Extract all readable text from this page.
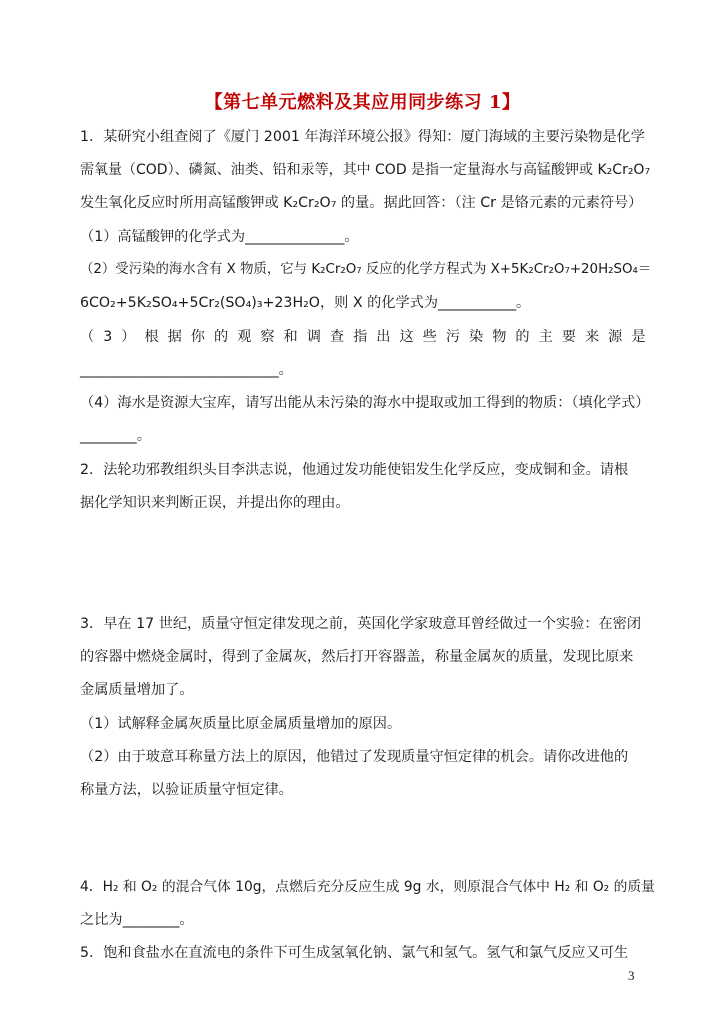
【第七单元燃料及其应用同步练习 1】
1．某研究小组查阅了《厦门 2001 年海洋环境公报》得知：厦门海域的主要污染物是化学
需氧量（COD）、磷氮、油类、铅和汞等，其中 COD 是指一定量海水与高锰酸钾或 K₂Cr₂O₇
发生氧化反应时所用高锰酸钾或 K₂Cr₂O₇ 的量。据此回答：（注 Cr 是铬元素的元素符号）
（1）高锰酸钾的化学式为______________。
（2）受污染的海水含有 X 物质，它与 K₂Cr₂O₇ 反应的化学方程式为 X+5K₂Cr₂O₇+20H₂SO₄＝
6CO₂+5K₂SO₄+5Cr₂(SO₄)₃+23H₂O，则 X 的化学式为___________。
（3）根据你的观察和调查指出这些污染物的主要来源是
____________________________。
（4）海水是资源大宝库，请写出能从未污染的海水中提取或加工得到的物质：（填化学式）
________。
2．法轮功邪教组织头目李洪志说，他通过发功能使铝发生化学反应，变成铜和金。请根
据化学知识来判断正误，并提出你的理由。
3．早在 17 世纪，质量守恒定律发现之前，英国化学家玻意耳曾经做过一个实验：在密闭
的容器中燃烧金属时，得到了金属灰，然后打开容器盖，称量金属灰的质量，发现比原来
金属质量增加了。
（1）试解释金属灰质量比原金属质量增加的原因。
（2）由于玻意耳称量方法上的原因，他错过了发现质量守恒定律的机会。请你改进他的
称量方法，以验证质量守恒定律。
4．H₂ 和 O₂ 的混合气体 10g，点燃后充分反应生成 9g 水，则原混合气体中 H₂ 和 O₂ 的质量
之比为________。
5．饱和食盐水在直流电的条件下可生成氢氧化钠、氯气和氢气。氢气和氯气反应又可生
3
